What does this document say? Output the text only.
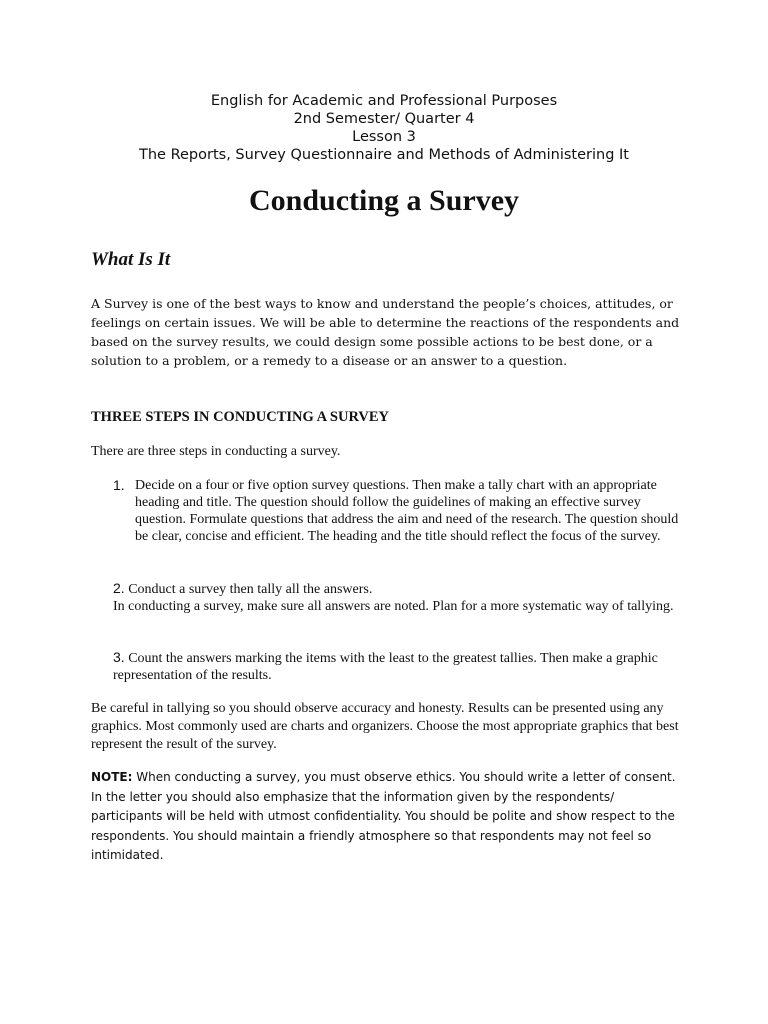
English for Academic and Professional Purposes
2nd Semester/ Quarter 4
Lesson 3
The Reports, Survey Questionnaire and Methods of Administering It
Conducting a Survey
What Is It

A Survey is one of the best ways to know and understand the people’s choices, attitudes, or feelings on certain issues. We will be able to determine the reactions of the respondents and based on the survey results, we could design some possible actions to be best done, or a solution to a problem, or a remedy to a disease or an answer to a question.

THREE STEPS IN CONDUCTING A SURVEY

There are three steps in conducting a survey.

1. Decide on a four or five option survey questions. Then make a tally chart with an appropriate heading and title. The question should follow the guidelines of making an effective survey question. Formulate questions that address the aim and need of the research. The question should be clear, concise and efficient. The heading and the title should reflect the focus of the survey.
2. Conduct a survey then tally all the answers.
In conducting a survey, make sure all answers are noted. Plan for a more systematic way of tallying.
3. Count the answers marking the items with the least to the greatest tallies. Then make a graphic representation of the results.

Be careful in tallying so you should observe accuracy and honesty. Results can be presented using any graphics. Most commonly used are charts and organizers. Choose the most appropriate graphics that best represent the result of the survey.

NOTE: When conducting a survey, you must observe ethics. You should write a letter of consent. In the letter you should also emphasize that the information given by the respondents/ participants will be held with utmost confidentiality. You should be polite and show respect to the respondents. You should maintain a friendly atmosphere so that respondents may not feel so intimidated.
